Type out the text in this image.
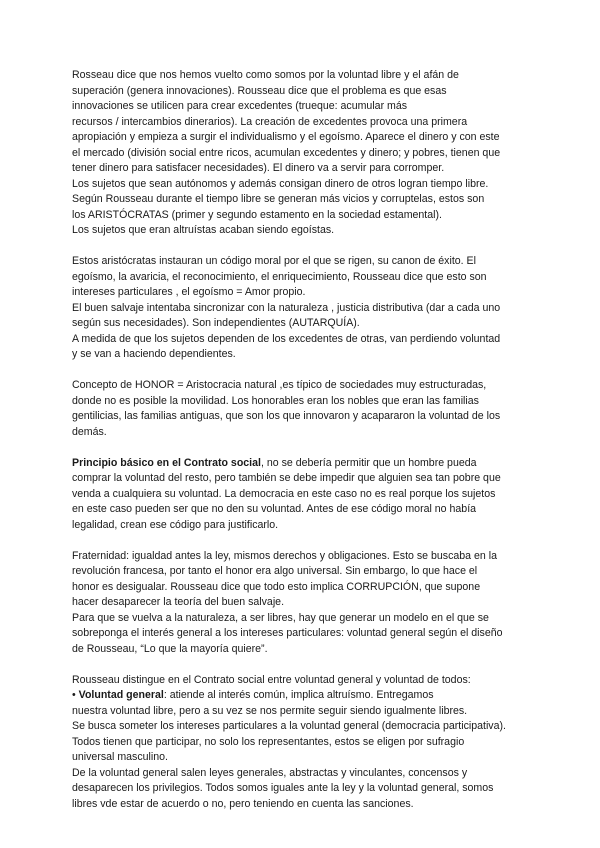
Rosseau dice que nos hemos vuelto como somos por la voluntad libre y el afán de
superación (genera innovaciones). Rousseau dice que el problema es que esas
innovaciones se utilicen para crear excedentes (trueque: acumular más
recursos / intercambios dinerarios). La creación de excedentes provoca una primera
apropiación y empieza a surgir el individualismo y el egoísmo. Aparece el dinero y con este
el mercado (división social entre ricos, acumulan excedentes y dinero; y pobres, tienen que
tener dinero para satisfacer necesidades). El dinero va a servir para corromper.

Los sujetos que sean autónomos y además consigan dinero de otros logran tiempo libre.
Según Rousseau durante el tiempo libre se generan más vicios y corruptelas, estos son
los ARISTÓCRATAS (primer y segundo estamento en la sociedad estamental).

Los sujetos que eran altruístas acaban siendo egoístas.

Estos aristócratas instauran un código moral por el que se rigen, su canon de éxito. El
egoísmo, la avaricia, el reconocimiento, el enriquecimiento, Rousseau dice que esto son
intereses particulares , el egoísmo = Amor propio.

El buen salvaje intentaba sincronizar con la naturaleza , justicia distributiva (dar a cada uno
según sus necesidades). Son independientes (AUTARQUÍA).

A medida de que los sujetos dependen de los excedentes de otras, van perdiendo voluntad
y se van a haciendo dependientes.

Concepto de HONOR = Aristocracia natural ,es típico de sociedades muy estructuradas,
donde no es posible la movilidad. Los honorables eran los nobles que eran las familias
gentilicias, las familias antiguas, que son los que innovaron y acapararon la voluntad de los
demás.

Principio básico en el Contrato social, no se debería permitir que un hombre pueda
comprar la voluntad del resto, pero también se debe impedir que alguien sea tan pobre que
venda a cualquiera su voluntad. La democracia en este caso no es real porque los sujetos
en este caso pueden ser que no den su voluntad. Antes de ese código moral no había
legalidad, crean ese código para justificarlo.

Fraternidad: igualdad antes la ley, mismos derechos y obligaciones. Esto se buscaba en la
revolución francesa, por tanto el honor era algo universal. Sin embargo, lo que hace el
honor es desigualar. Rousseau dice que todo esto implica CORRUPCIÓN, que supone
hacer desaparecer la teoría del buen salvaje.

Para que se vuelva a la naturaleza, a ser libres, hay que generar un modelo en el que se
sobreponga el interés general a los intereses particulares: voluntad general según el diseño
de Rousseau, “Lo que la mayoría quiere”.

Rousseau distingue en el Contrato social entre voluntad general y voluntad de todos:
• Voluntad general: atiende al interés común, implica altruísmo. Entregamos
nuestra voluntad libre, pero a su vez se nos permite seguir siendo igualmente libres.

Se busca someter los intereses particulares a la voluntad general (democracia participativa).

Todos tienen que participar, no solo los representantes, estos se eligen por sufragio
universal masculino.

De la voluntad general salen leyes generales, abstractas y vinculantes, concensos y
desaparecen los privilegios. Todos somos iguales ante la ley y la voluntad general, somos
libres vde estar de acuerdo o no, pero teniendo en cuenta las sanciones.
